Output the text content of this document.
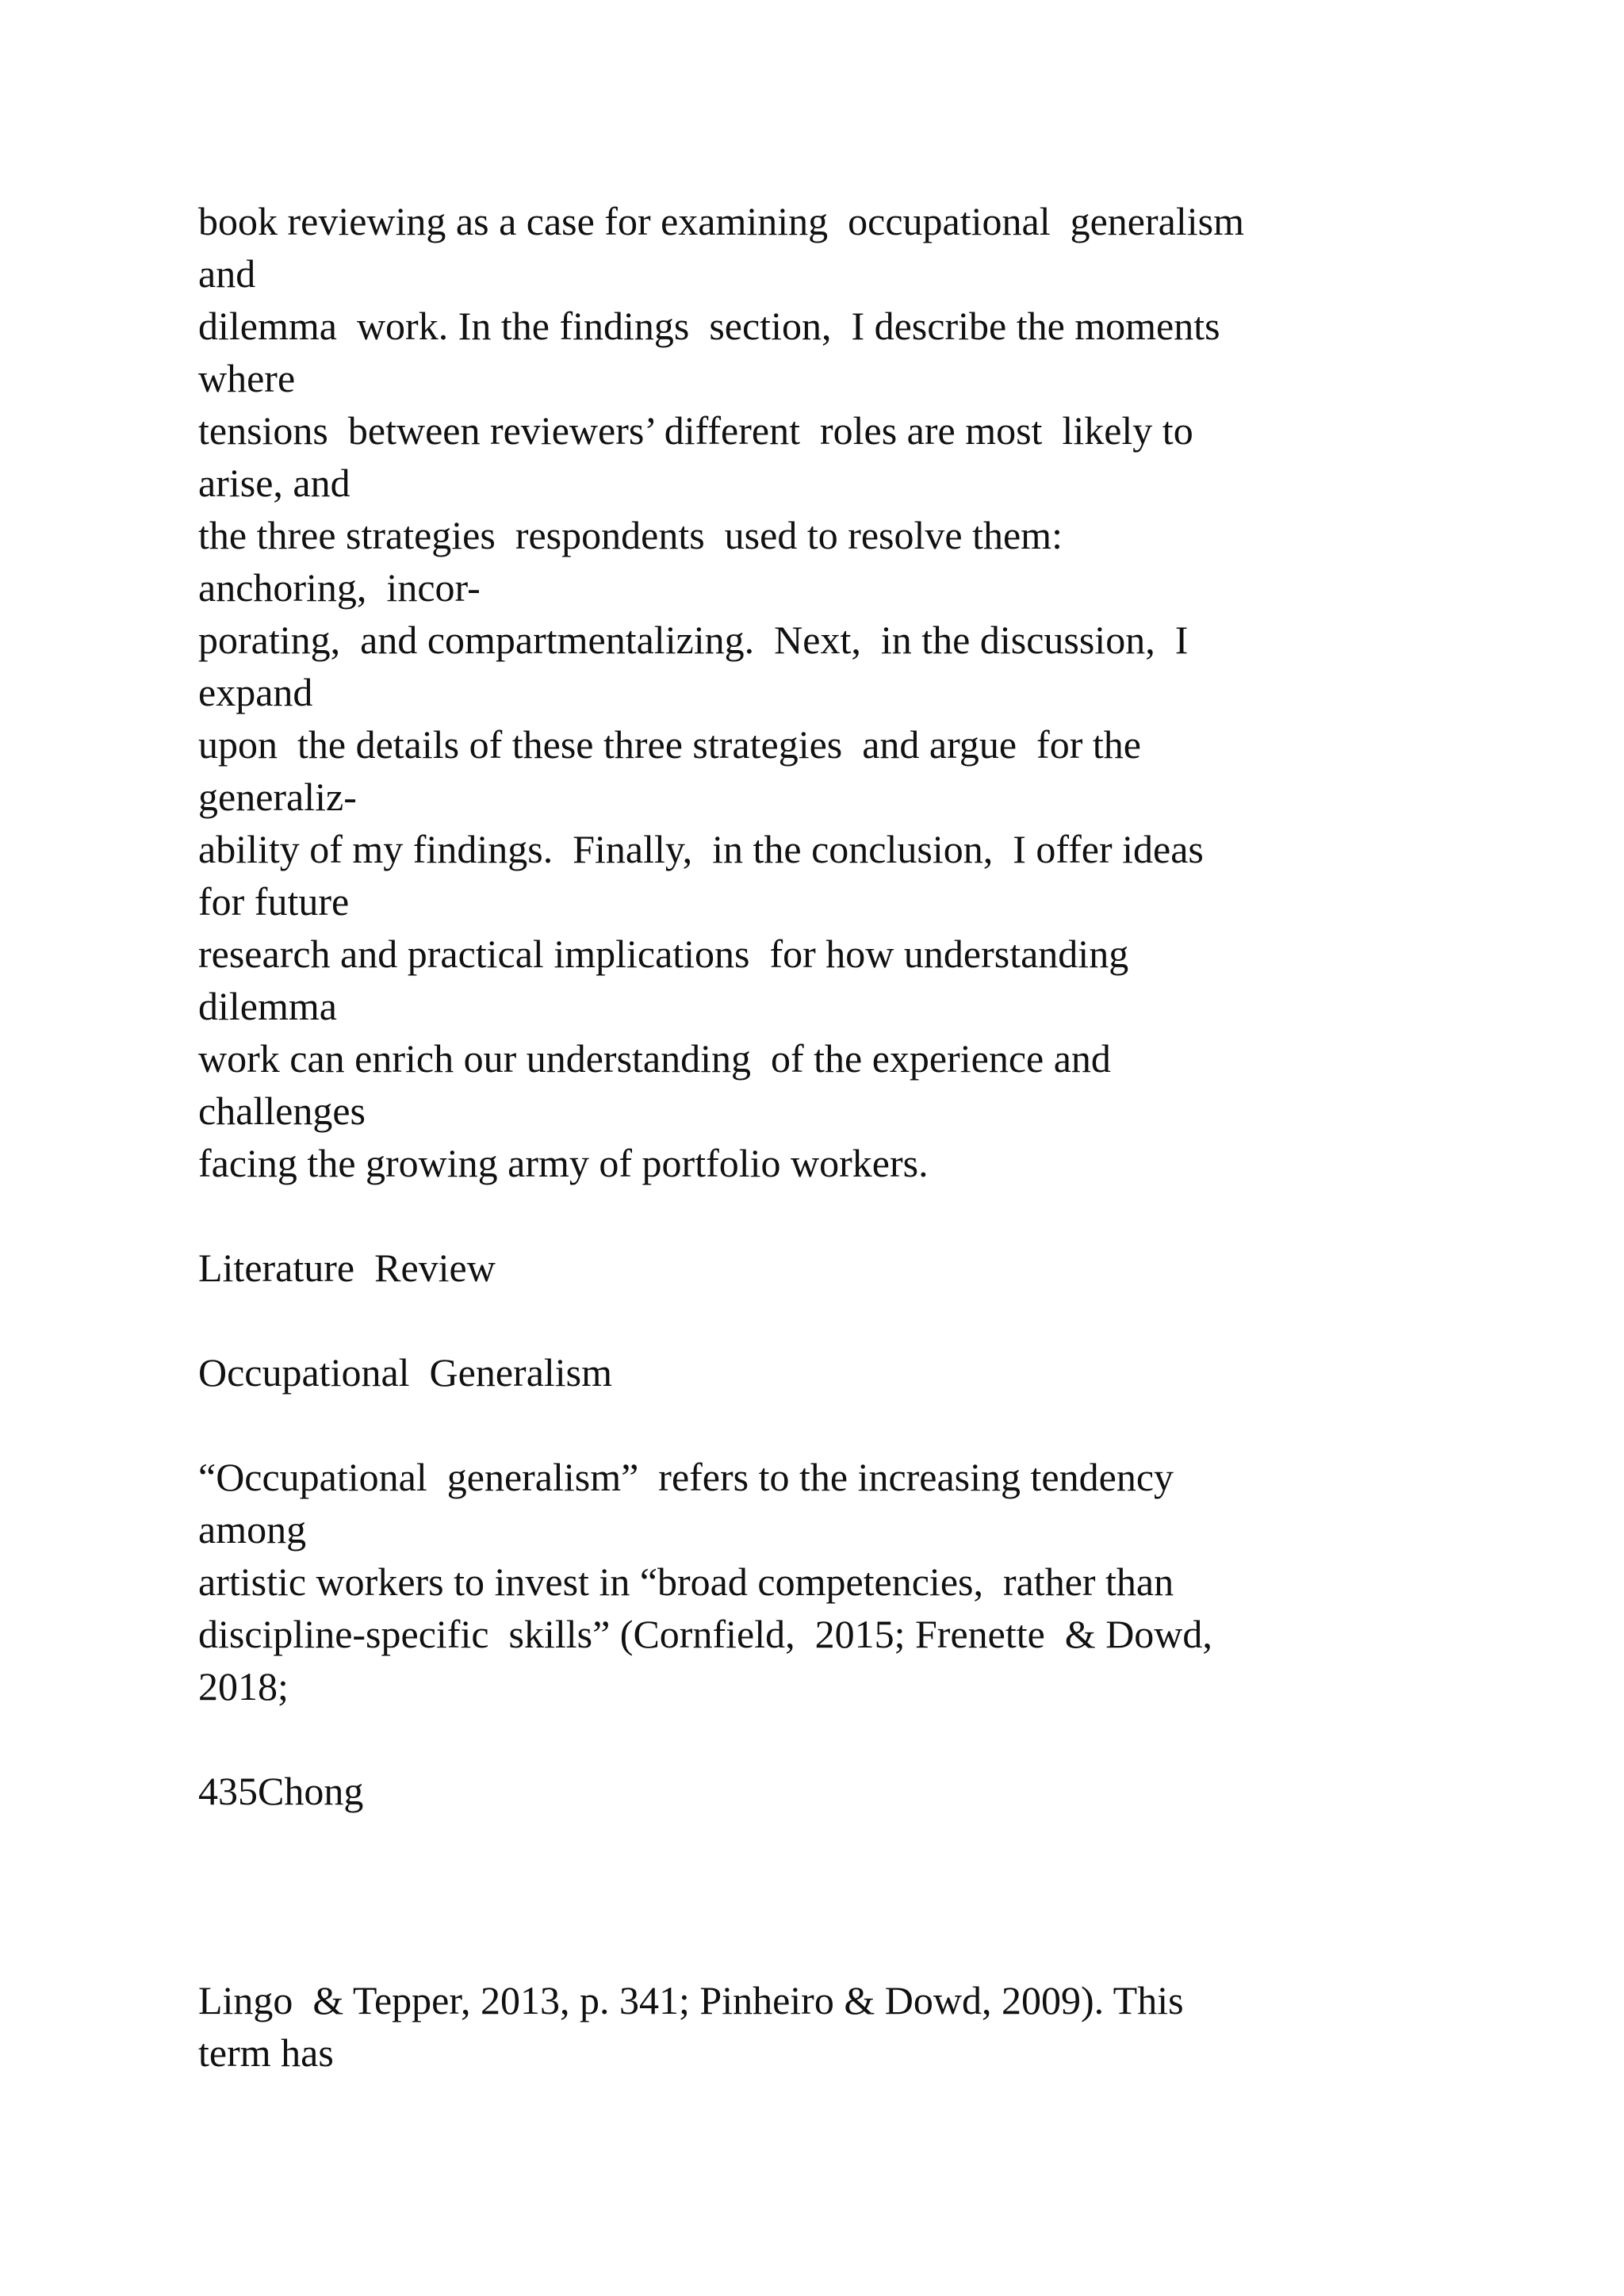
book reviewing as a case for examining  occupational  generalism

and

dilemma  work. In the findings  section,  I describe the moments

where

tensions  between reviewers’ different  roles are most  likely to

arise, and

the three strategies  respondents  used to resolve them:

anchoring,  incor-

porating,  and compartmentalizing.  Next,  in the discussion,  I

expand

upon  the details of these three strategies  and argue  for the

generaliz-

ability of my findings.  Finally,  in the conclusion,  I offer ideas

for future

research and practical implications  for how understanding

dilemma

work can enrich our understanding  of the experience and

challenges

facing the growing army of portfolio workers.

Literature  Review

Occupational  Generalism

“Occupational  generalism”  refers to the increasing tendency

among

artistic workers to invest in “broad competencies,  rather than

discipline-specific  skills” (Cornfield,  2015; Frenette  & Dowd,

2018;

435Chong

Lingo  & Tepper, 2013, p. 341; Pinheiro & Dowd, 2009). This

term has
